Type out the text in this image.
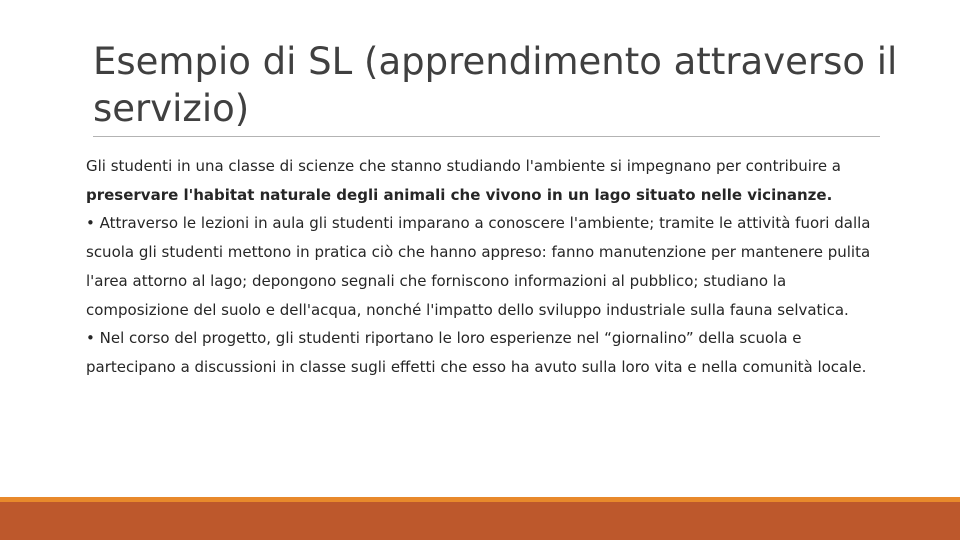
Esempio di SL (apprendimento attraverso il servizio)

Gli studenti in una classe di scienze che stanno studiando l'ambiente si impegnano per contribuire a preservare l'habitat naturale degli animali che vivono in un lago situato nelle vicinanze.

• Attraverso le lezioni in aula gli studenti imparano a conoscere l'ambiente; tramite le attività fuori dalla scuola gli studenti mettono in pratica ciò che hanno appreso: fanno manutenzione per mantenere pulita l'area attorno al lago; depongono segnali che forniscono informazioni al pubblico; studiano la composizione del suolo e dell'acqua, nonché l'impatto dello sviluppo industriale sulla fauna selvatica.

• Nel corso del progetto, gli studenti riportano le loro esperienze nel “giornalino” della scuola e partecipano a discussioni in classe sugli effetti che esso ha avuto sulla loro vita e nella comunità locale.
